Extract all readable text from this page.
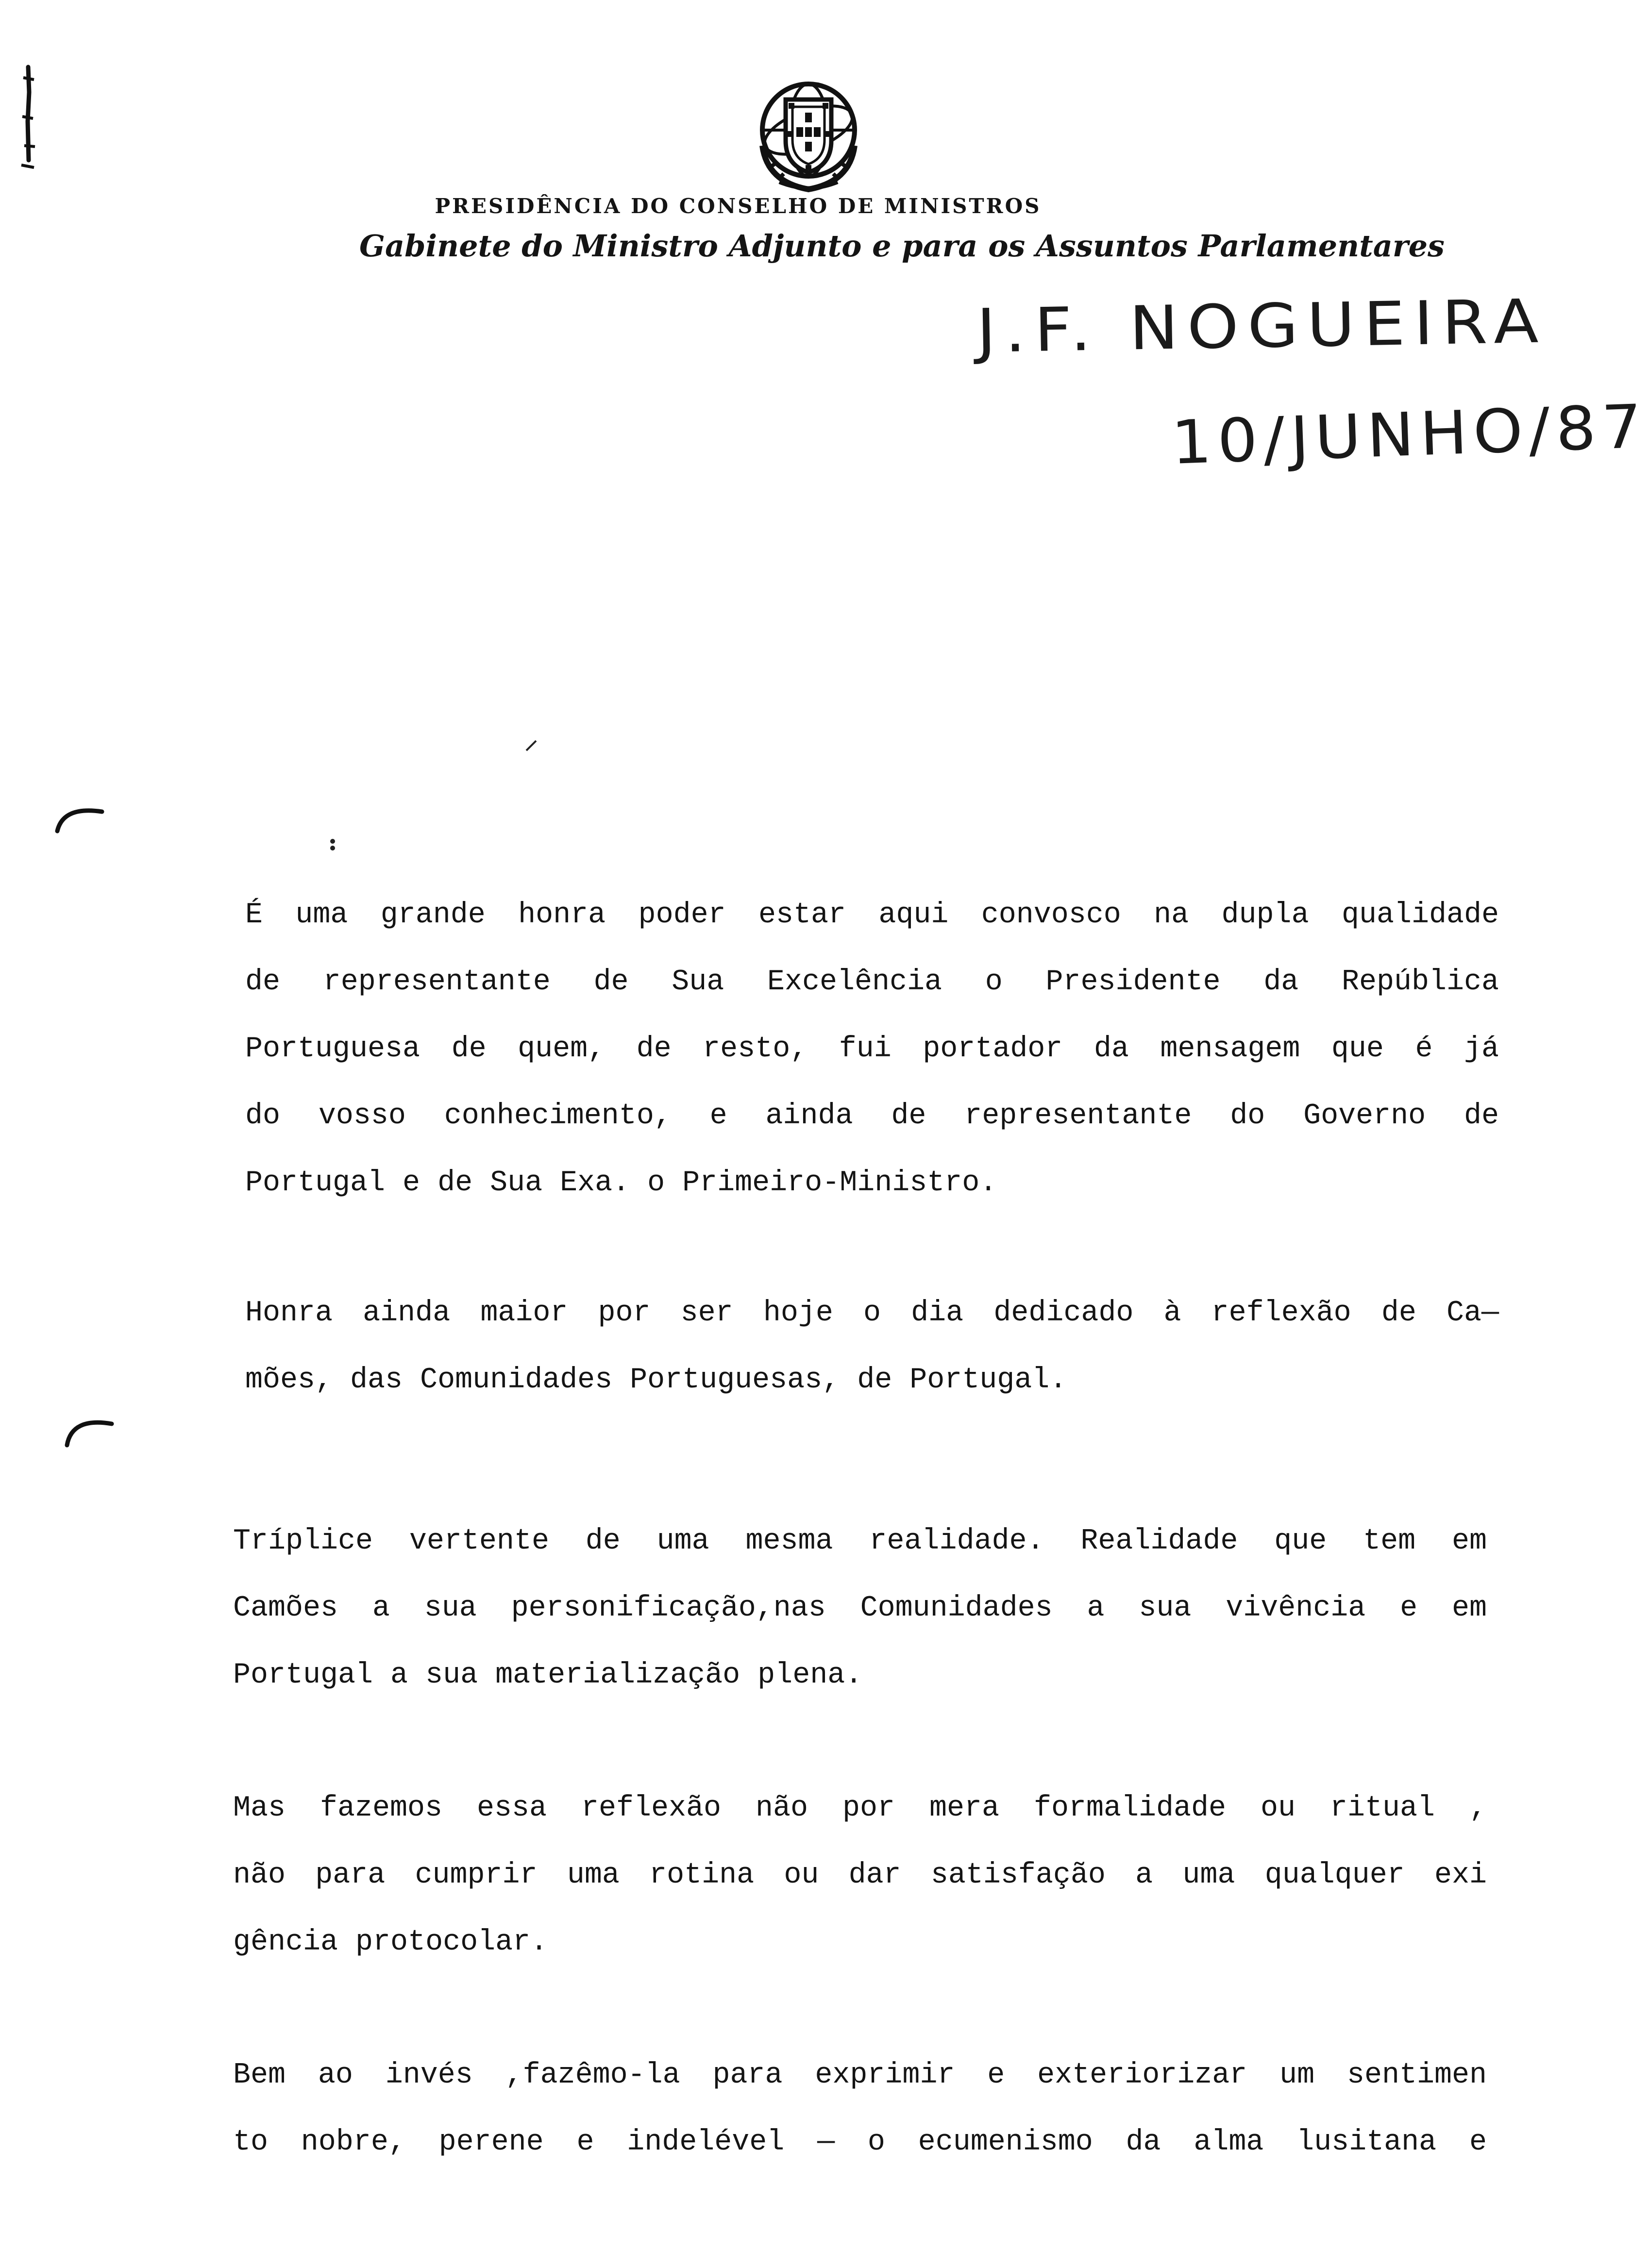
PRESIDÊNCIA DO CONSELHO DE MINISTROS
Gabinete do Ministro Adjunto e para os Assuntos Parlamentares
J.F. NOGUEIRA
10/JUNHO/87
É uma grande honra poder estar aqui convosco na dupla qualidade
de representante de Sua Excelência o Presidente da República
Portuguesa de quem, de resto, fui portador da mensagem que é já
do vosso conhecimento, e ainda de representante do Governo de
Portugal e de Sua Exa. o Primeiro-Ministro.
Honra ainda maior por ser hoje o dia dedicado à reflexão de Ca—
mões, das Comunidades Portuguesas, de Portugal.
Tríplice vertente de uma mesma realidade. Realidade que tem em
Camões a sua personificação,nas Comunidades a sua vivência e em
Portugal a sua materialização plena.
Mas fazemos essa reflexão não por mera formalidade ou ritual ,
não para cumprir uma rotina ou dar satisfação a uma qualquer exi
gência protocolar.
Bem ao invés ,fazêmo-la para exprimir e exteriorizar um sentimen
to nobre, perene e indelével — o ecumenismo da alma lusitana e
